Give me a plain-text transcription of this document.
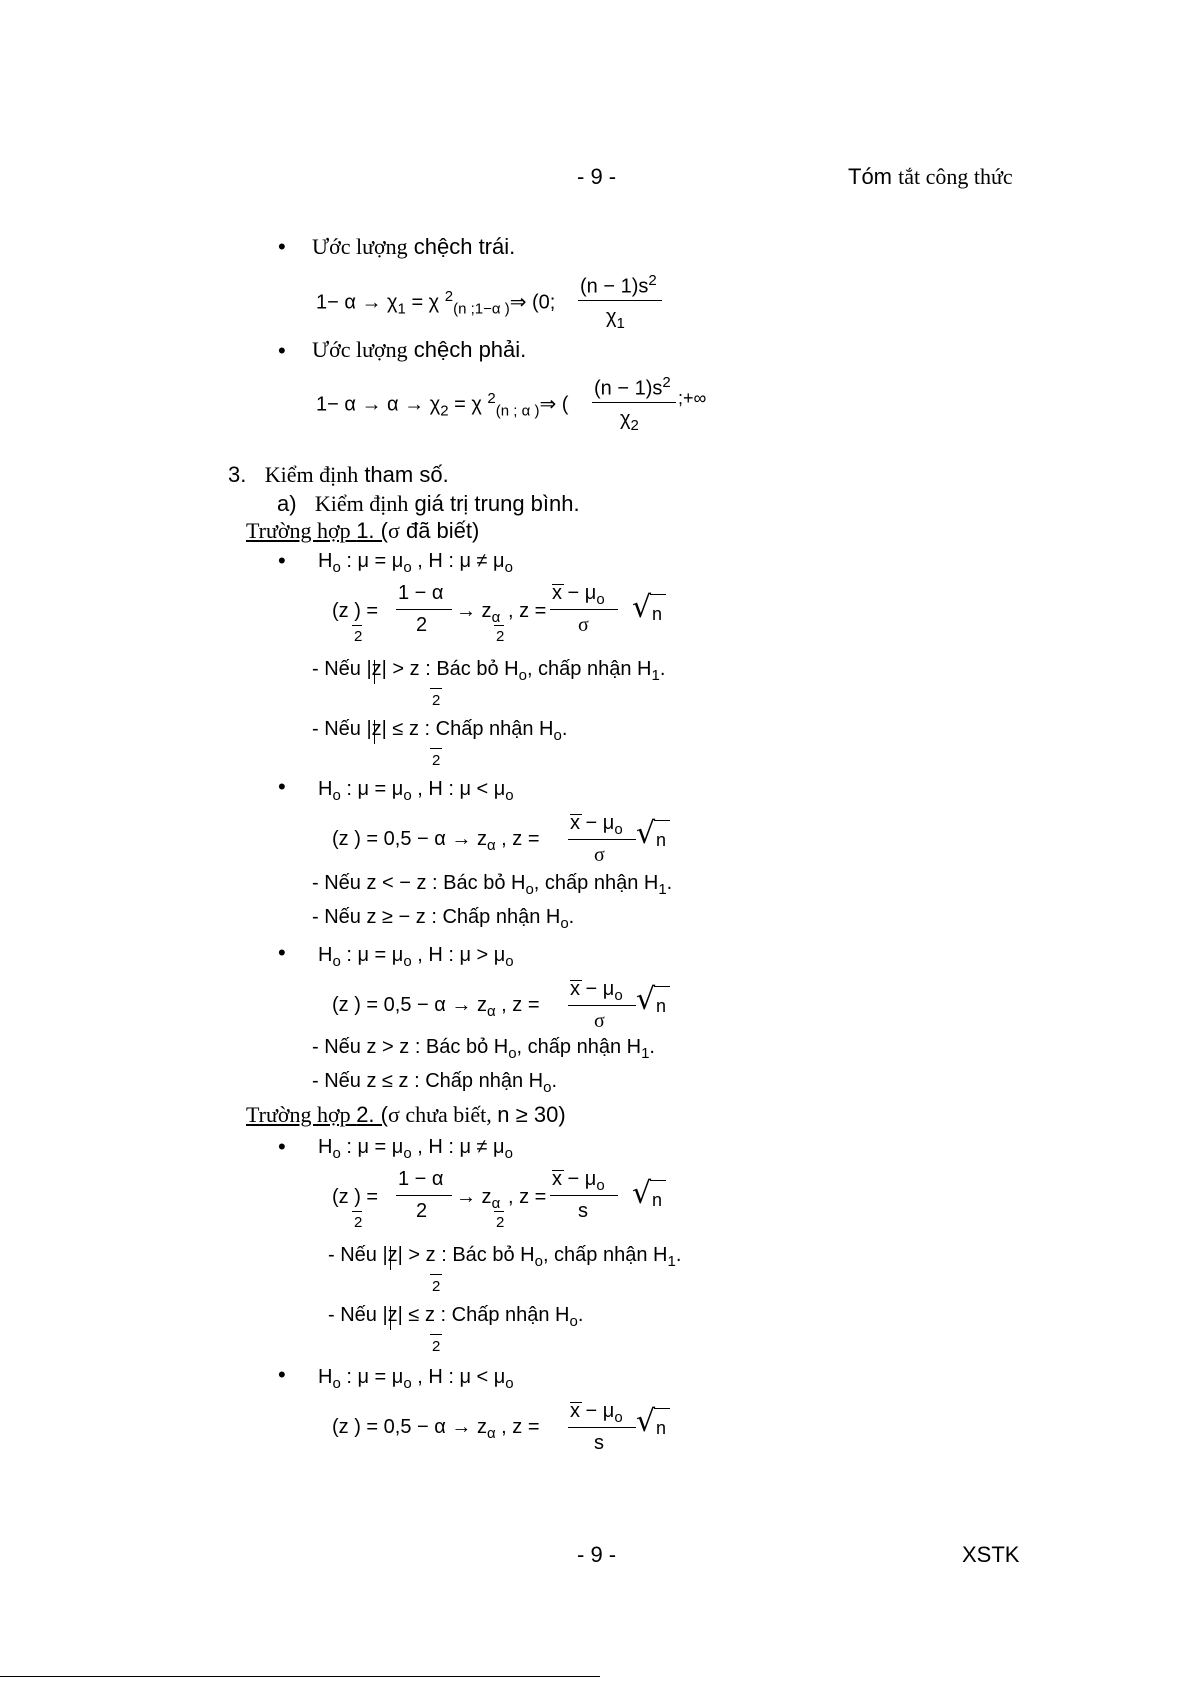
- 9 -	Tóm tắt công thức
• Ước lượng chệch trái.
$1- \alpha \to \chi_1 = \chi$ $^2_{(n ;1-\alpha )}$⇒ (0;
$(n - 1)s^2$
$\chi_1$
• Ước lượng chệch phải.
$1- \alpha \to \alpha \to \chi_2 = \chi$ $^2_{(n ; \alpha )}$⇒ (
$(n - 1)s^2$
$\chi_2$
;+∞
3. Kiểm định tham số.
a) Kiểm định giá trị trung bình.
Trường hợp 1. (σ đã biết)
• $H_o$ : $\mu = \mu_o$ , H : $\mu \ne \mu_o$
(z ) =
2
1 − α
2
→ $z_\alpha$
2
, z =
$x - \mu_o$
σ √ n
- Nếu |z| > z : Bác bỏ $H_o$, chấp nhận $H_1$.
2
- Nếu |z| ≤ z : Chấp nhận $H_o$.
2
• $H_o$ : $\mu = \mu_o$ , H : $\mu < \mu_o$
(z ) = $0,5 - \alpha \to z_\alpha$ , z =
$x - \mu_o$
σ
√ n
- Nếu z < − z : Bác bỏ $H_o$, chấp nhận $H_1$.
- Nếu z ≥ − z : Chấp nhận $H_o$.
• $H_o$ : $\mu = \mu_o$ , H : $\mu > \mu_o$
(z ) = $0,5 - \alpha \to z_\alpha$ , z =
$x - \mu_o$
σ
√ n
- Nếu z > z : Bác bỏ $H_o$, chấp nhận $H_1$.
- Nếu z ≤ z : Chấp nhận $H_o$.
Trường hợp 2. (σ chưa biết, n ≥ 30)
• $H_o$ : $\mu = \mu_o$ , H : $\mu \ne \mu_o$
(z ) =
2
1 − α
2
→ $z_\alpha$
2
, z =
$x - \mu_o$
s √ n
- Nếu |z| > z : Bác bỏ $H_o$, chấp nhận $H_1$.
2
- Nếu |z| ≤ z : Chấp nhận $H_o$.
2
• $H_o$ : $\mu = \mu_o$ , H : $\mu < \mu_o$
(z ) = $0,5 - \alpha \to z_\alpha$ , z =
$x - \mu_o$
s
√ n
- 9 -	XSTK
